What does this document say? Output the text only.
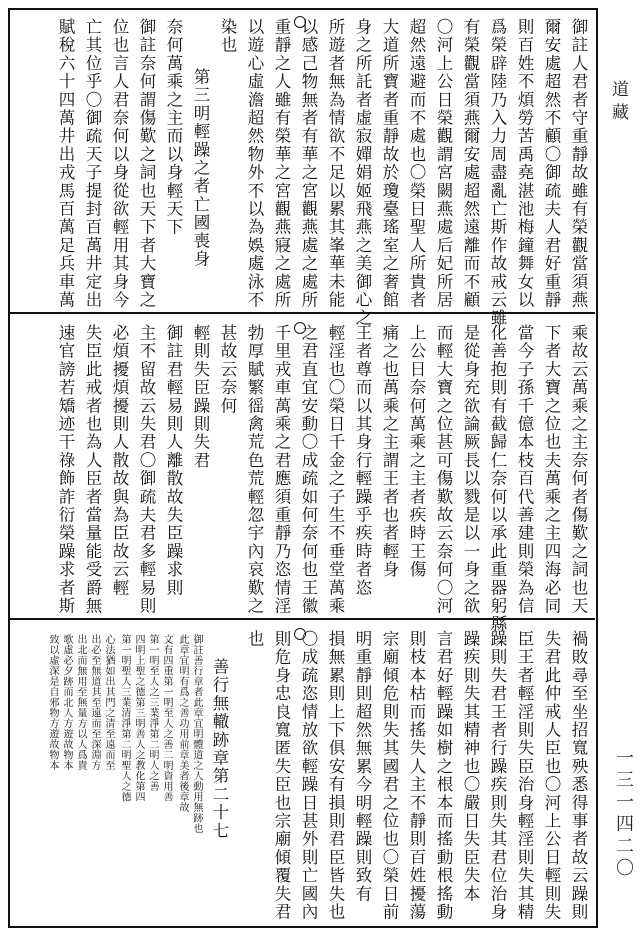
道藏
一三一四二〇
御註人君者守重靜故雖有榮觀當須燕
爾安處超然不顧〇御疏夫人君好重靜
則百姓不煩勞苦禹堯湛池梅鐘舞女以
爲榮辟陸乃入力周盡亂亡斯作故戒云雖
有榮觀當須燕爾安處超然遠離而不顧
〇河上公日榮觀謂宮闕燕處后妃所居
超然遠避而不處也〇榮日聖人所貴者
大道所寶者重靜故於瓊臺瑤室之奢館
身之所託者虛寂嬋娟姬飛燕之美御心之
所遊者無為情欲不足以累其峯華未能
以感己物無者有華之宮觀燕處之處所
重靜之人雖有榮華之宮觀燕寢之處所
以遊心虛澹超然物外不以為娛處泳不
染也
第三明輕躁之者亡國喪身
奈何萬乘之主而以身輕天下
御註奈何謂傷歎之詞也天下者大寶之
位也言人君奈何以身從欲輕用其身今
亡其位乎〇御疏天子提封百萬井定出
賦稅六十四萬井出戎馬百萬足兵車萬
乘故云萬乘之主奈何者傷歎之詞也天
下者大寶之位也夫萬乘之主四海必同
當今子孫千億本枝百代善建則榮為信
化善抱則有截歸仁奈何以承此重器躬縣
是從身充欲論厥長以戮是以一身之欲
而輕大寶之位甚可傷歎故云奈何〇河
上公日奈何萬乘之主者疾時王傷
痛之也萬乘之主謂王者也者輕身
王者尊而以其身行輕躁乎疾時者恣
輕淫也〇榮日千金之子生不垂堂萬乘
之君直宜安動〇成疏如何奈何也王徽
千里戎車萬乘之君應須重靜乃恣情淫
勃厚賦繁徭禽荒色荒輕忽宇內哀歎之
甚故云奈何
輕則失臣躁則失君
御註君輕易則人離散故失臣躁求則
主不留故云失君〇御疏夫君多輕易則
必煩擾煩擾則人散故與為臣故云輕
失臣此戒者也為人臣者當量能受爵無
速官謗若矯迹干祿飾詐衍榮躁求者斯
禍敗尋至坐招寬殃悉得事者故云躁則
失君此仲戒人臣也〇河上公日輕則失
臣王者輕淫則失臣治身輕淫則失其精
躁則失君王者行躁疾則失其君位治身
躁疾則失其精神也〇嚴日失臣失本
言君好輕躁如樹之根本而搖動根搖動
則枝本枯而搖失人主不靜則百姓擾蕩
宗廟傾危則失其國君之位也〇榮日前
明重靜則超然無累今明輕躁則致有
損無累則上下俱安有損則君臣皆失也
〇成疏恣情放欲輕躁日甚外則亡國內
則危身忠良寬匿失臣也宗廟傾覆失君
也
善行無轍跡章第二十七
御註善行章者此章宜明體道之人動用無跡也
此章宜明有爲之善功用前章美者後章故
文有四重第一明至人之善二明資用善
第一明至人之三業淨第二明人之善
四明上聖之德第三明善人之教化第四
第一明聖人三業清淨第二明聖人之德
心法猶如出其門之清至遠而至
出必至無道其至遠而至深淵方
出北而無用至無量方以人爲貴
歌虛必夕跡而北人方遊故物本
致以虛深是自邪物方遊故物本
